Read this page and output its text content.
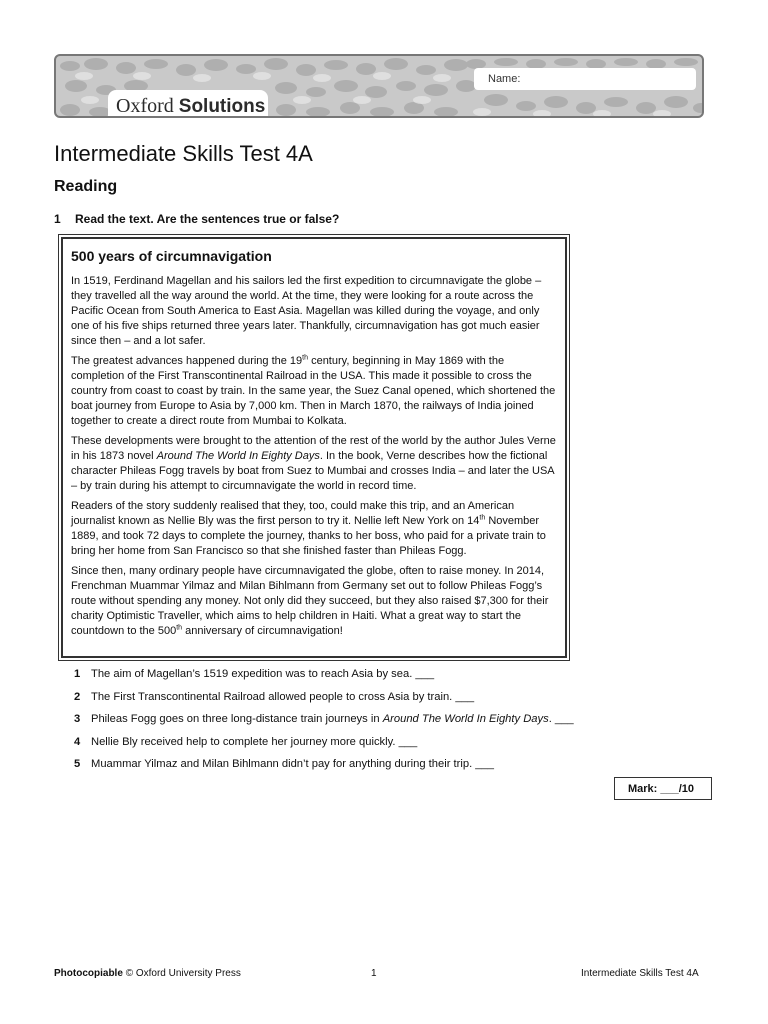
Name:
Oxford Solutions
Intermediate Skills Test 4A
Reading
1 Read the text. Are the sentences true or false?
500 years of circumnavigation

In 1519, Ferdinand Magellan and his sailors led the first expedition to circumnavigate the globe – they travelled all the way around the world. At the time, they were looking for a route across the Pacific Ocean from South America to East Asia. Magellan was killed during the voyage, and only one of his five ships returned three years later. Thankfully, circumnavigation has got much easier since then – and a lot safer.

The greatest advances happened during the 19th century, beginning in May 1869 with the completion of the First Transcontinental Railroad in the USA. This made it possible to cross the country from coast to coast by train. In the same year, the Suez Canal opened, which shortened the boat journey from Europe to Asia by 7,000 km. Then in March 1870, the railways of India joined together to create a direct route from Mumbai to Kolkata.

These developments were brought to the attention of the rest of the world by the author Jules Verne in his 1873 novel Around The World In Eighty Days. In the book, Verne describes how the fictional character Phileas Fogg travels by boat from Suez to Mumbai and crosses India – and later the USA – by train during his attempt to circumnavigate the world in record time.

Readers of the story suddenly realised that they, too, could make this trip, and an American journalist known as Nellie Bly was the first person to try it. Nellie left New York on 14th November 1889, and took 72 days to complete the journey, thanks to her boss, who paid for a private train to bring her home from San Francisco so that she finished faster than Phileas Fogg.

Since then, many ordinary people have circumnavigated the globe, often to raise money. In 2014, Frenchman Muammar Yilmaz and Milan Bihlmann from Germany set out to follow Phileas Fogg’s route without spending any money. Not only did they succeed, but they also raised $7,300 for their charity Optimistic Traveller, which aims to help children in Haiti. What a great way to start the countdown to the 500th anniversary of circumnavigation!

1 The aim of Magellan’s 1519 expedition was to reach Asia by sea. ___
2 The First Transcontinental Railroad allowed people to cross Asia by train. ___
3 Phileas Fogg goes on three long-distance train journeys in Around The World In Eighty Days. ___
4 Nellie Bly received help to complete her journey more quickly. ___
5 Muammar Yilmaz and Milan Bihlmann didn’t pay for anything during their trip. ___
Mark: ___/10
Photocopiable © Oxford University Press	1	Intermediate Skills Test 4A
